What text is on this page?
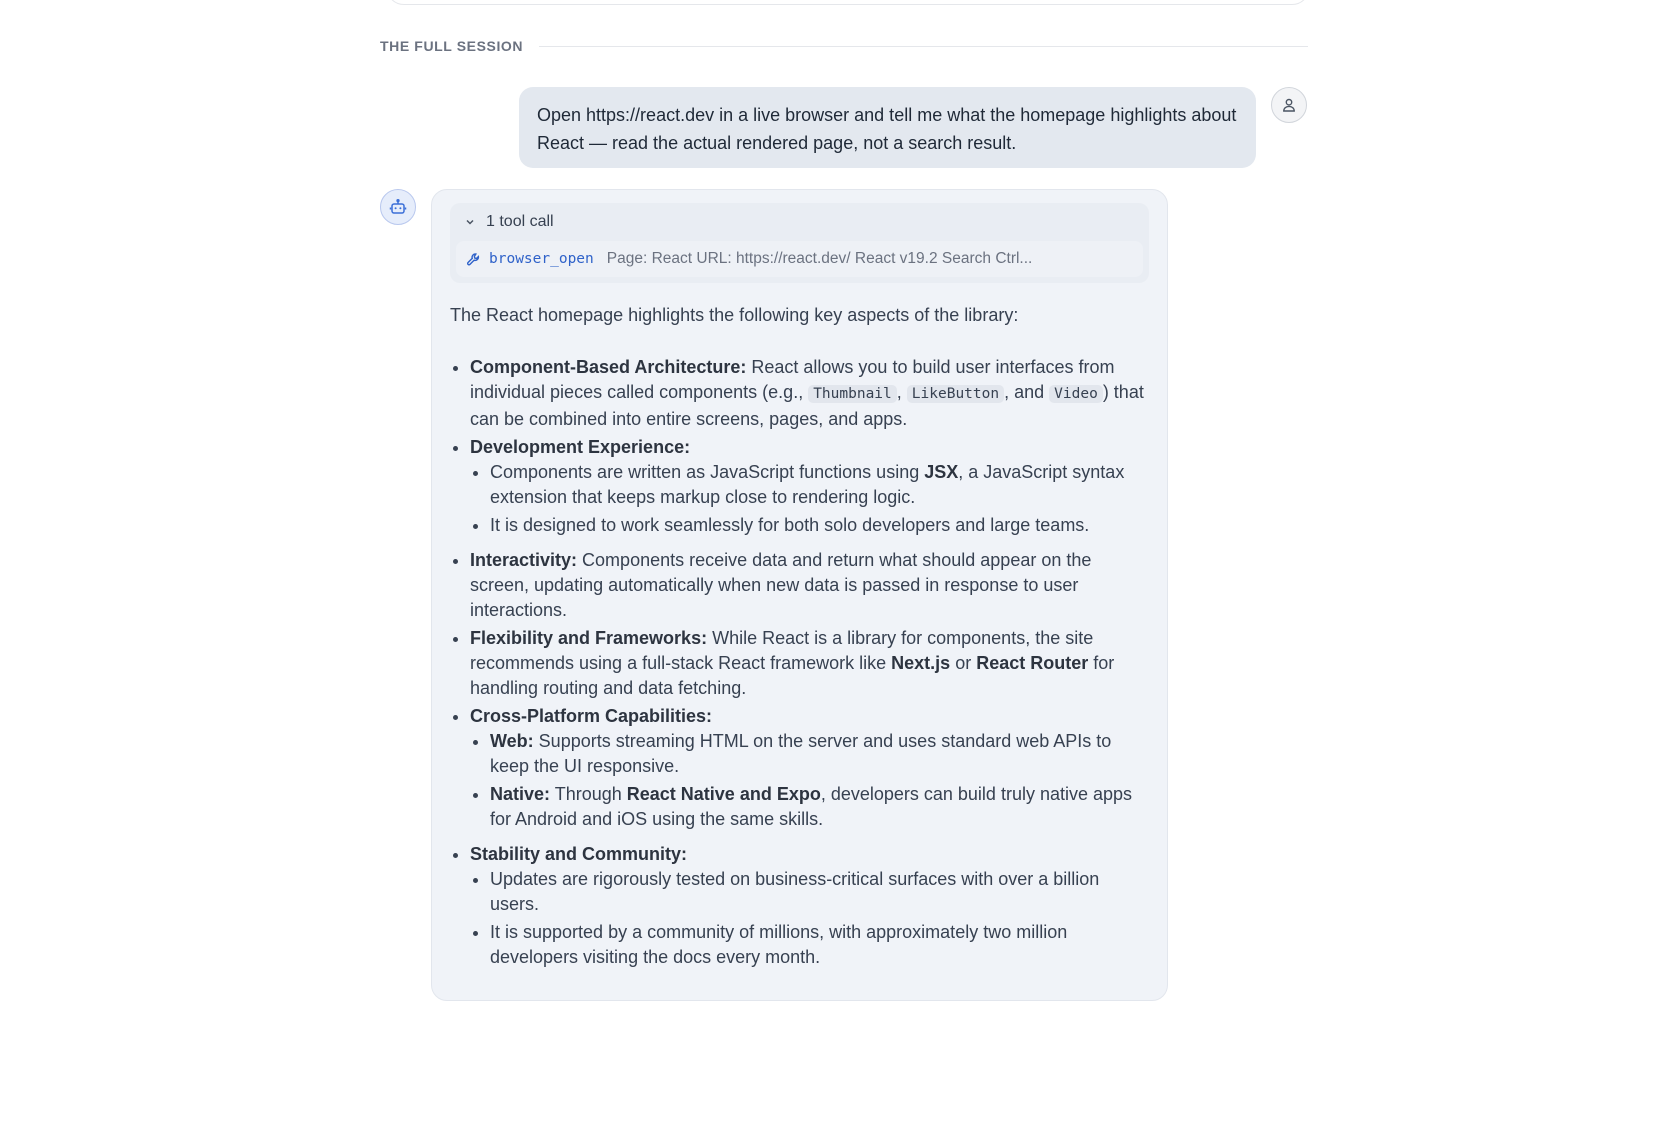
THE FULL SESSION
Open https://react.dev in a live browser and tell me what the homepage highlights about React — read the actual rendered page, not a search result.
1 tool call
browser_open Page: React URL: https://react.dev/ React v19.2 Search Ctrl...

The React homepage highlights the following key aspects of the library:

• Component-Based Architecture: React allows you to build user interfaces from individual pieces called components (e.g., Thumbnail , LikeButton , and Video ) that can be combined into entire screens, pages, and apps.
• Development Experience:
• Components are written as JavaScript functions using JSX, a JavaScript syntax extension that keeps markup close to rendering logic.
• It is designed to work seamlessly for both solo developers and large teams.
• Interactivity: Components receive data and return what should appear on the screen, updating automatically when new data is passed in response to user interactions.
• Flexibility and Frameworks: While React is a library for components, the site recommends using a full-stack React framework like Next.js or React Router for handling routing and data fetching.
• Cross-Platform Capabilities:
• Web: Supports streaming HTML on the server and uses standard web APIs to keep the UI responsive.
• Native: Through React Native and Expo, developers can build truly native apps for Android and iOS using the same skills.
• Stability and Community:
• Updates are rigorously tested on business-critical surfaces with over a billion users.
• It is supported by a community of millions, with approximately two million developers visiting the docs every month.
